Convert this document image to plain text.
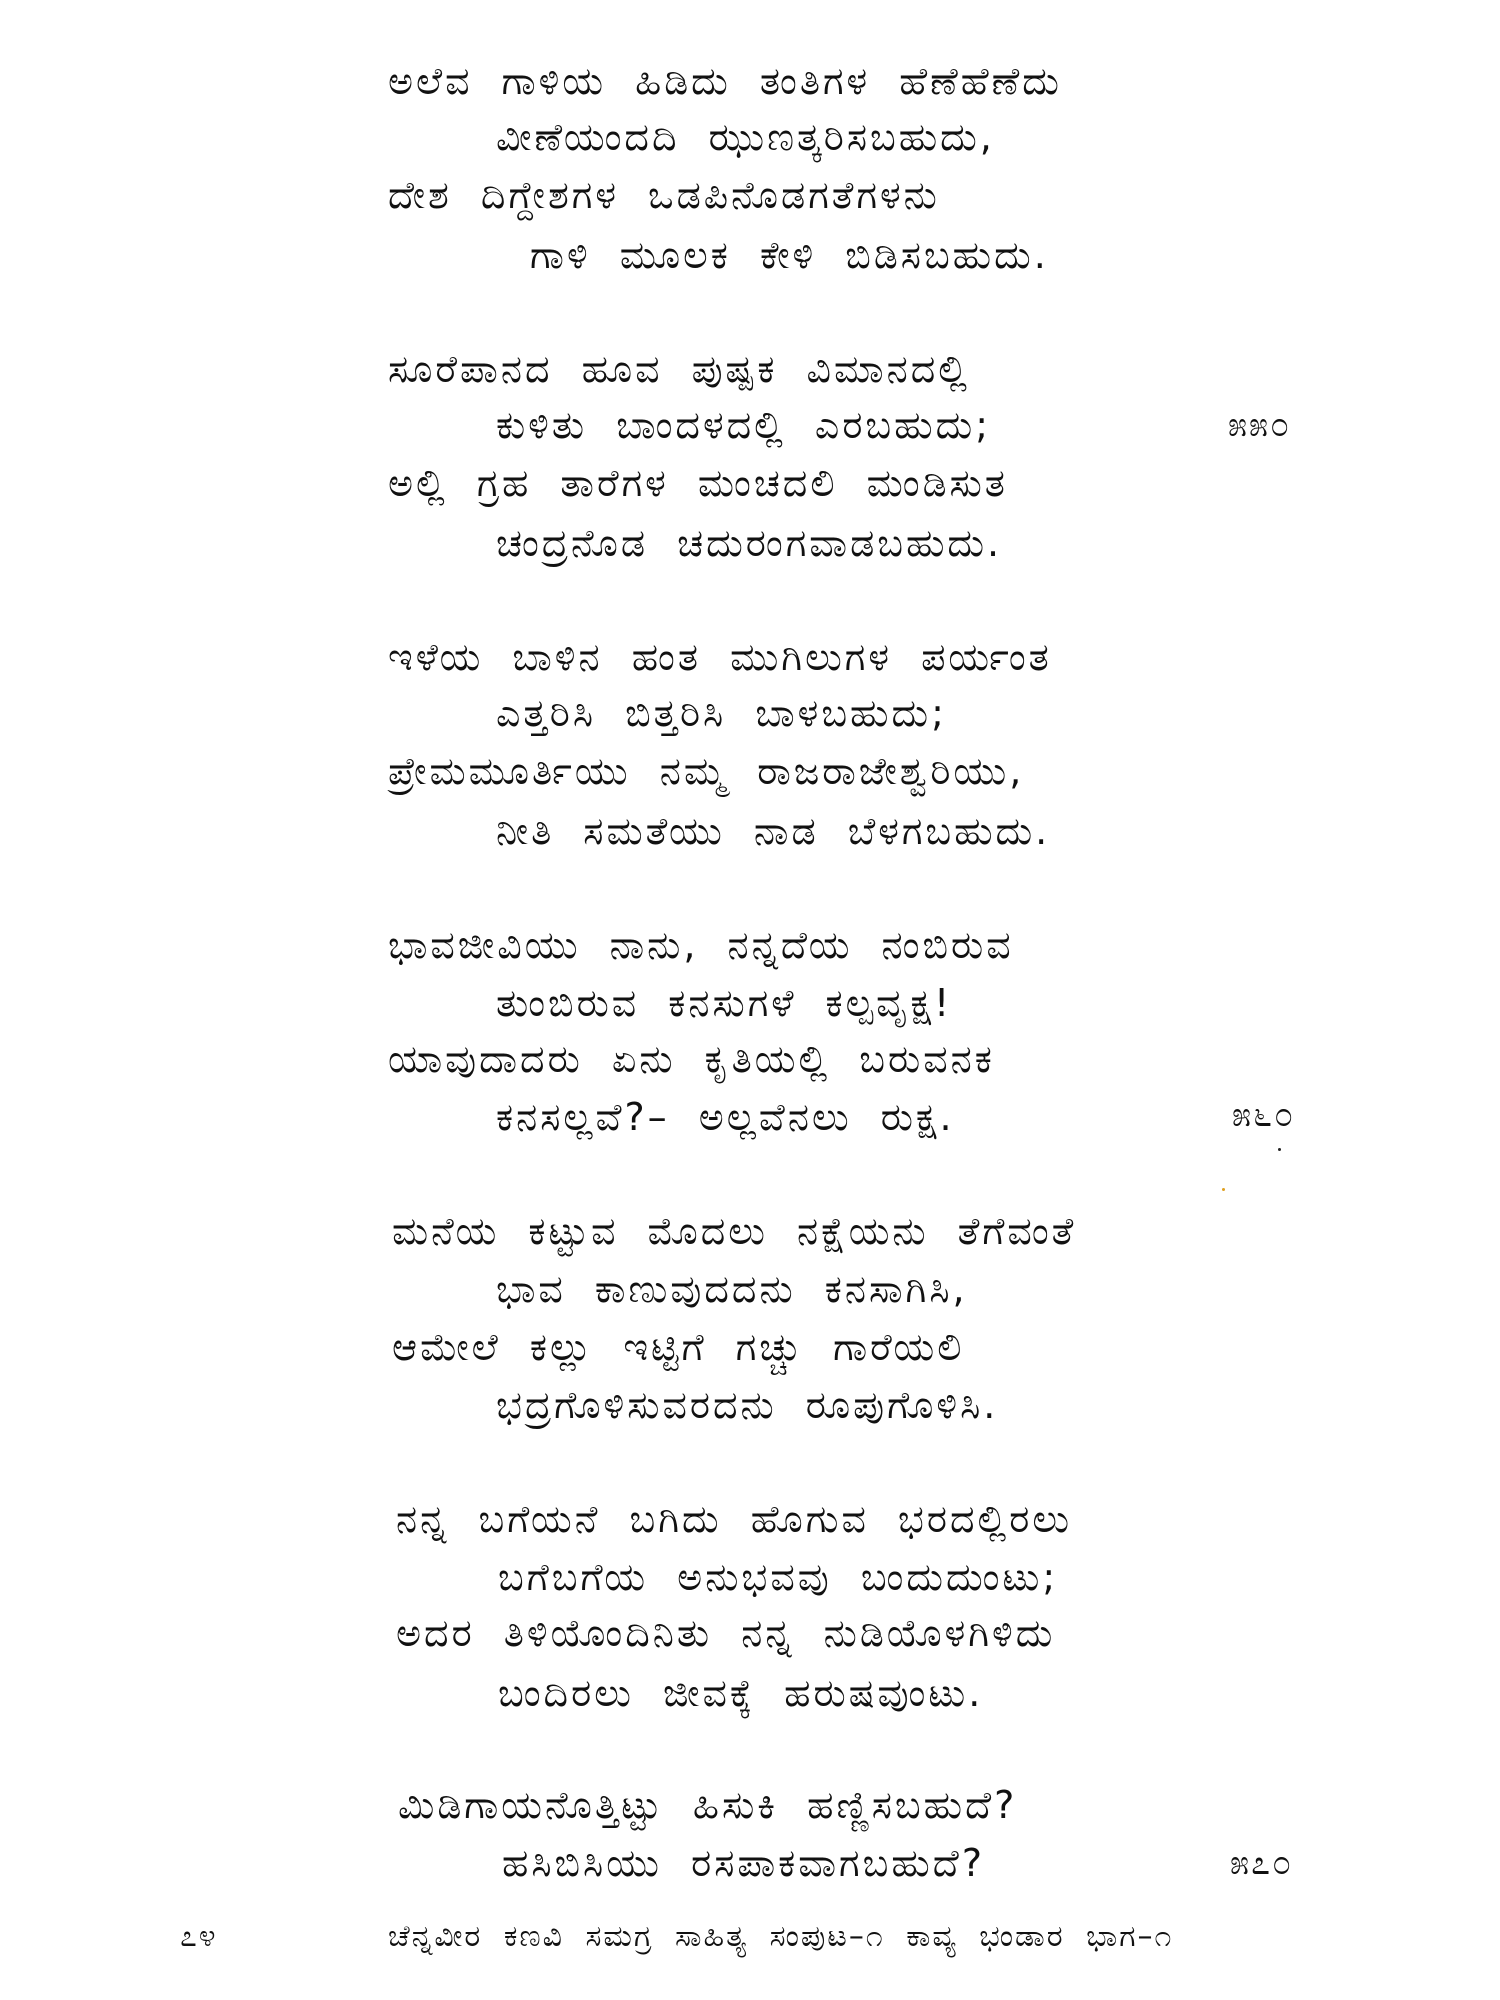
ಅಲೆವ ಗಾಳಿಯ ಹಿಡಿದು ತಂತಿಗಳ ಹೆಣೆಹೆಣೆದು
ವೀಣೆಯಂದದಿ ಝುಣತ್ಕರಿಸಬಹುದು,
ದೇಶ ದಿಗ್ದೇಶಗಳ ಒಡಪಿನೊಡಗತೆಗಳನು
ಗಾಳಿ ಮೂಲಕ ಕೇಳಿ ಬಿಡಿಸಬಹುದು.
ಸೂರೆಪಾನದ ಹೂವ ಪುಷ್ಪಕ ವಿಮಾನದಲ್ಲಿ
ಕುಳಿತು ಬಾಂದಳದಲ್ಲಿ ಎರಬಹುದು;	೫೫೦
ಅಲ್ಲಿ ಗ್ರಹ ತಾರೆಗಳ ಮಂಚದಲಿ ಮಂಡಿಸುತ
ಚಂದ್ರನೊಡ ಚದುರಂಗವಾಡಬಹುದು.
ಇಳೆಯ ಬಾಳಿನ ಹಂತ ಮುಗಿಲುಗಳ ಪರ್ಯಂತ
ಎತ್ತರಿಸಿ ಬಿತ್ತರಿಸಿ ಬಾಳಬಹುದು;
ಪ್ರೇಮಮೂರ್ತಿಯು ನಮ್ಮ ರಾಜರಾಜೇಶ್ವರಿಯು,
ನೀತಿ ಸಮತೆಯು ನಾಡ ಬೆಳಗಬಹುದು.
ಭಾವಜೀವಿಯು ನಾನು, ನನ್ನದೆಯ ನಂಬಿರುವ
ತುಂಬಿರುವ ಕನಸುಗಳೆ ಕಲ್ಪವೃಕ್ಷ!
ಯಾವುದಾದರು ಏನು ಕೃತಿಯಲ್ಲಿ ಬರುವನಕ
ಕನಸಲ್ಲವೆ?– ಅಲ್ಲವೆನಲು ರುಕ್ಷ.	೫೬೦
ಮನೆಯ ಕಟ್ಟುವ ಮೊದಲು ನಕ್ಷೆಯನು ತೆಗೆವಂತೆ
ಭಾವ ಕಾಣುವುದದನು ಕನಸಾಗಿಸಿ,
ಆಮೇಲೆ ಕಲ್ಲು ಇಟ್ಟಿಗೆ ಗಚ್ಚು ಗಾರೆಯಲಿ
ಭದ್ರಗೊಳಿಸುವರದನು ರೂಪುಗೊಳಿಸಿ.
ನನ್ನ ಬಗೆಯನೆ ಬಗಿದು ಹೊಗುವ ಭರದಲ್ಲಿರಲು
ಬಗೆಬಗೆಯ ಅನುಭವವು ಬಂದುದುಂಟು;
ಅದರ ತಿಳಿಯೊಂದಿನಿತು ನನ್ನ ನುಡಿಯೊಳಗಿಳಿದು
ಬಂದಿರಲು ಜೀವಕ್ಕೆ ಹರುಷವುಂಟು.
ಮಿಡಿಗಾಯನೊತ್ತಿಟ್ಟು ಹಿಸುಕಿ ಹಣ್ಣಿಸಬಹುದೆ?
ಹಸಿಬಿಸಿಯು ರಸಪಾಕವಾಗಬಹುದೆ?	೫೭೦
೭೪	ಚೆನ್ನವೀರ ಕಣವಿ ಸಮಗ್ರ ಸಾಹಿತ್ಯ ಸಂಪುಟ–೧ ಕಾವ್ಯ ಭಂಡಾರ ಭಾಗ–೧
